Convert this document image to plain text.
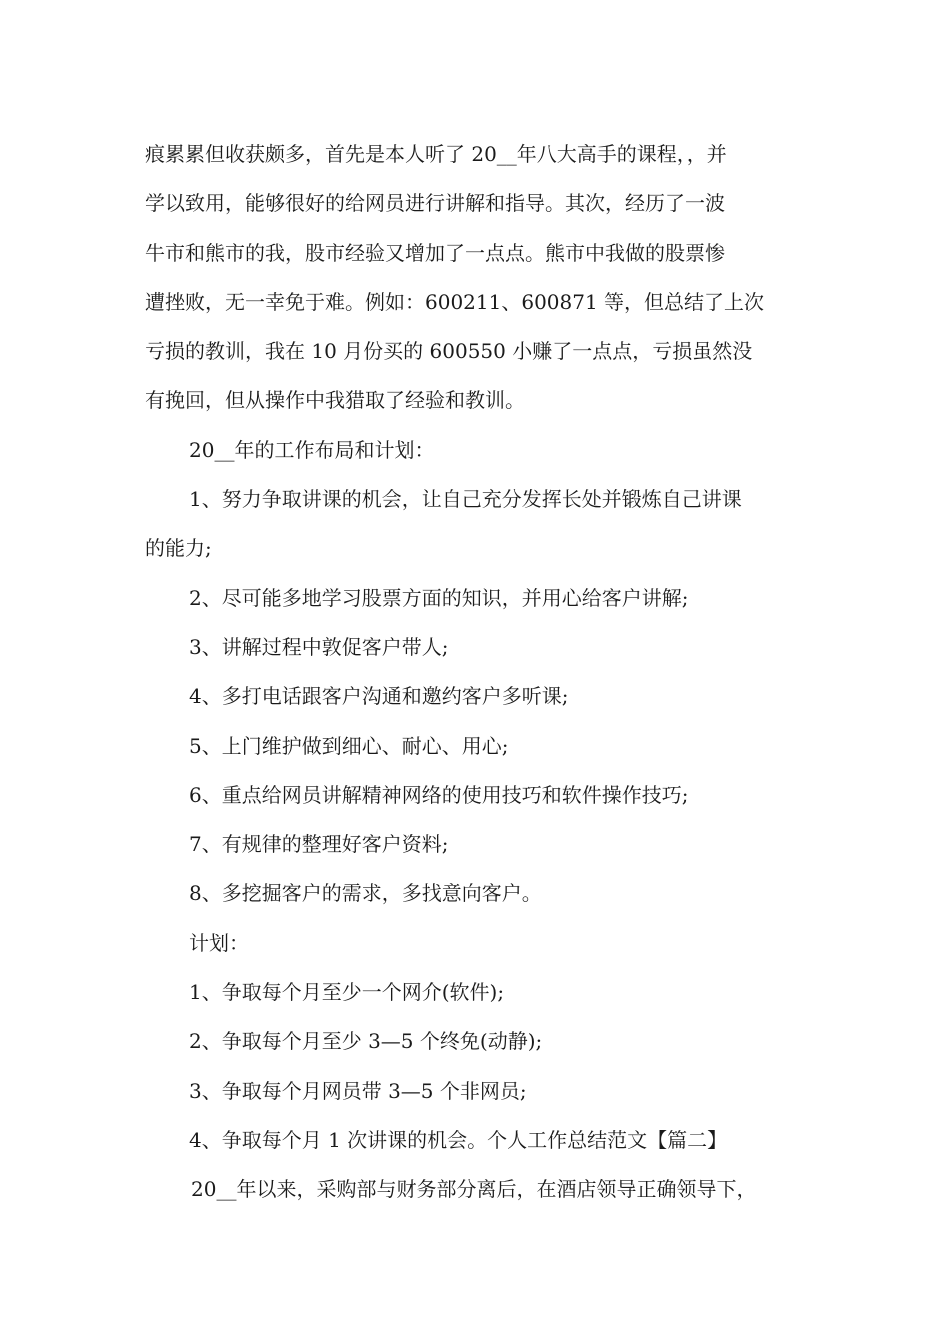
痕累累但收获颇多，首先是本人听了 20__年八大高手的课程，，并
学以致用，能够很好的给网员进行讲解和指导。其次，经历了一波
牛市和熊市的我，股市经验又增加了一点点。熊市中我做的股票惨
遭挫败，无一幸免于难。例如：600211、600871 等，但总结了上次
亏损的教训，我在 10 月份买的 600550 小赚了一点点，亏损虽然没
有挽回，但从操作中我猎取了经验和教训。
20__年的工作布局和计划：
1、努力争取讲课的机会，让自己充分发挥长处并锻炼自己讲课
的能力;
2、尽可能多地学习股票方面的知识，并用心给客户讲解;
3、讲解过程中敦促客户带人;
4、多打电话跟客户沟通和邀约客户多听课;
5、上门维护做到细心、耐心、用心;
6、重点给网员讲解精神网络的使用技巧和软件操作技巧;
7、有规律的整理好客户资料;
8、多挖掘客户的需求，多找意向客户。
计划：
1、争取每个月至少一个网介(软件);
2、争取每个月至少 3—5 个终免(动静);
3、争取每个月网员带 3—5 个非网员;
4、争取每个月 1 次讲课的机会。个人工作总结范文【篇二】
20__年以来，采购部与财务部分离后，在酒店领导正确领导下，
